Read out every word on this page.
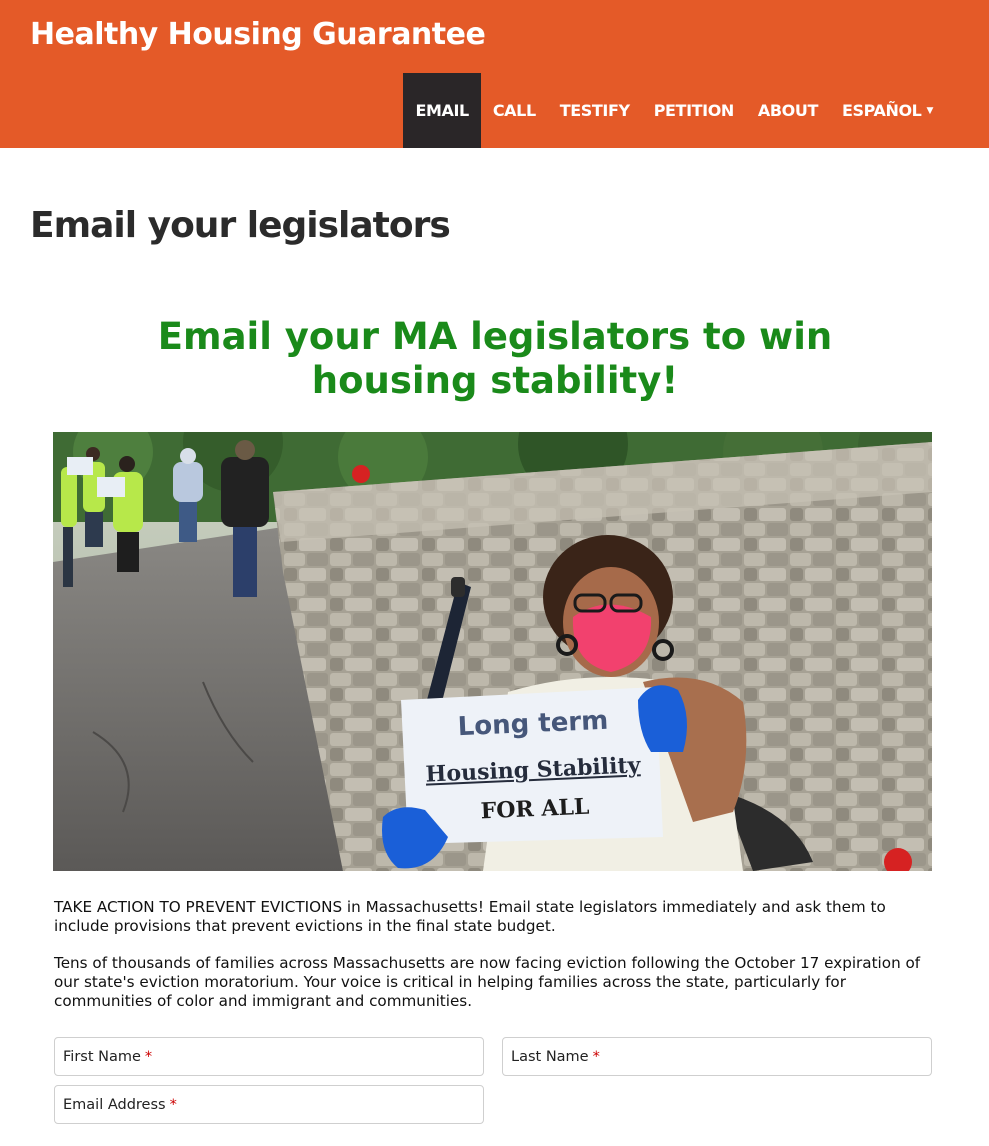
Healthy Housing Guarantee
EMAIL	CALL	TESTIFY	PETITION	ABOUT	ESPAÑOL ▼
Email your legislators
Email your MA legislators to win housing stability!
Long term
Housing Stability
FOR ALL

TAKE ACTION TO PREVENT EVICTIONS in Massachusetts! Email state legislators immediately and ask them to include provisions that prevent evictions in the final state budget.

Tens of thousands of families across Massachusetts are now facing eviction following the October 17 expiration of our state's eviction moratorium. Your voice is critical in helping families across the state, particularly for communities of color and immigrant and communities.

First Name *	Last Name *
Email Address *
